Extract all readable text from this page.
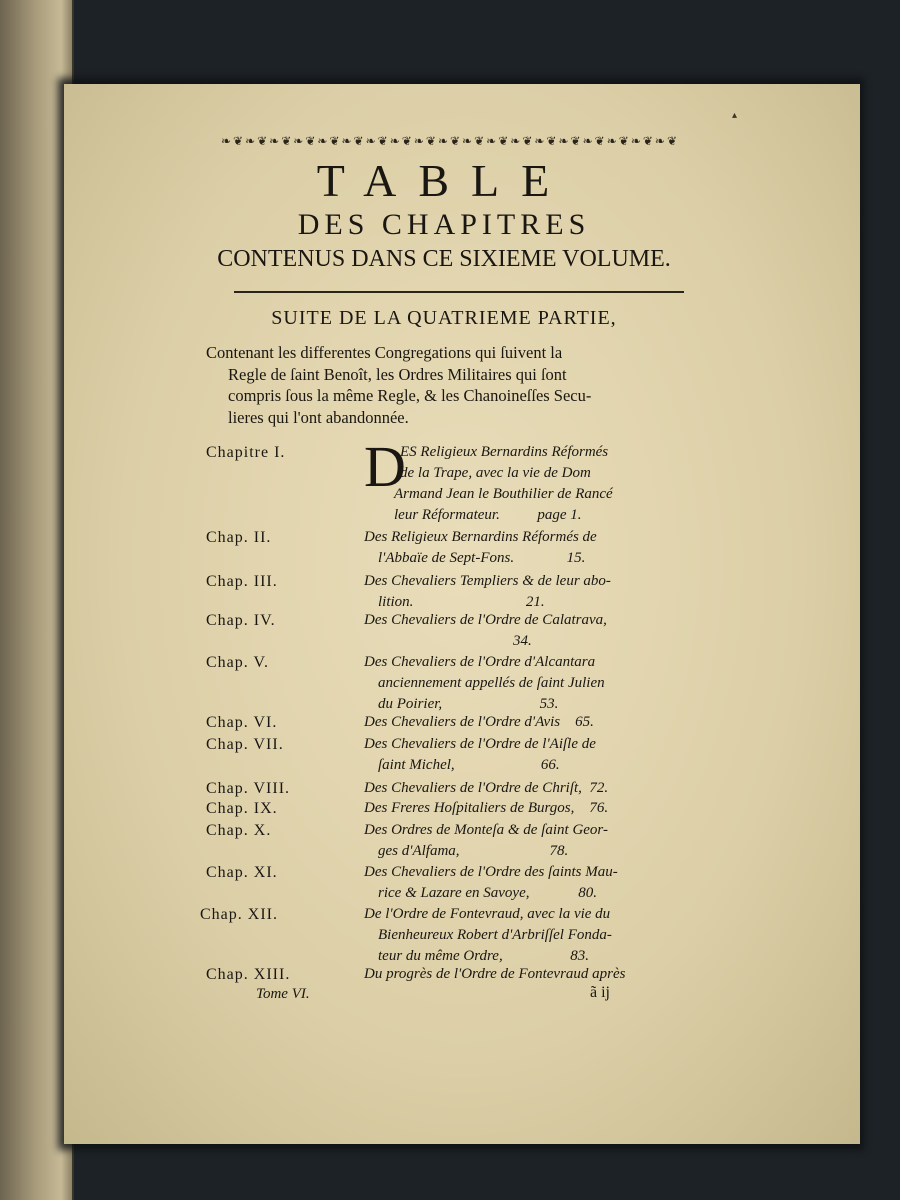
▴
❧❦❧❦❧❦❧❦❧❦❧❦❧❦❧❦❧❦❧❦❧❦❧❦❧❦❧❦❧❦❧❦❧❦❧❦❧❦
TABLE
DES CHAPITRES
CONTENUS DANS CE SIXIEME VOLUME.
SUITE DE LA QUATRIEME PARTIE,
Contenant les differentes Congregations qui ſuivent la
Regle de ſaint Benoît, les Ordres Militaires qui ſont
compris ſous la même Regle, & les Chanoineſſes Secu-
lieres qui l'ont abandonnée.
Chapitre I. D
ES Religieux Bernardins Réformés
de la Trape, avec la vie de Dom
Armand Jean le Bouthilier de Rancé
leur Réformateur.          page 1.
Chap. II.	Des Religieux Bernardins Réformés de
l'Abbaïe de Sept-Fons.              15.
Chap. III.	Des Chevaliers Templiers & de leur abo-
lition.                              21.
Chap. IV.	Des Chevaliers de l'Ordre de Calatrava,
34.
Chap. V.	Des Chevaliers de l'Ordre d'Alcantara
anciennement appellés de ſaint Julien
du Poirier,                          53.
Chap. VI.	Des Chevaliers de l'Ordre d'Avis    65.
Chap. VII.	Des Chevaliers de l'Ordre de l'Aiſle de
ſaint Michel,                       66.
Chap. VIII.	Des Chevaliers de l'Ordre de Chriſt,  72.
Chap. IX.	Des Freres Hoſpitaliers de Burgos,    76.
Chap. X.	Des Ordres de Monteſa & de ſaint Geor-
ges d'Alfama,                        78.
Chap. XI.	Des Chevaliers de l'Ordre des ſaints Mau-
rice & Lazare en Savoye,             80.
Chap. XII.	De l'Ordre de Fontevraud, avec la vie du
Bienheureux Robert d'Arbriſſel Fonda-
teur du même Ordre,                  83.
Chap. XIII.	Du progrès de l'Ordre de Fontevraud après
Tome VI.	ã ij
